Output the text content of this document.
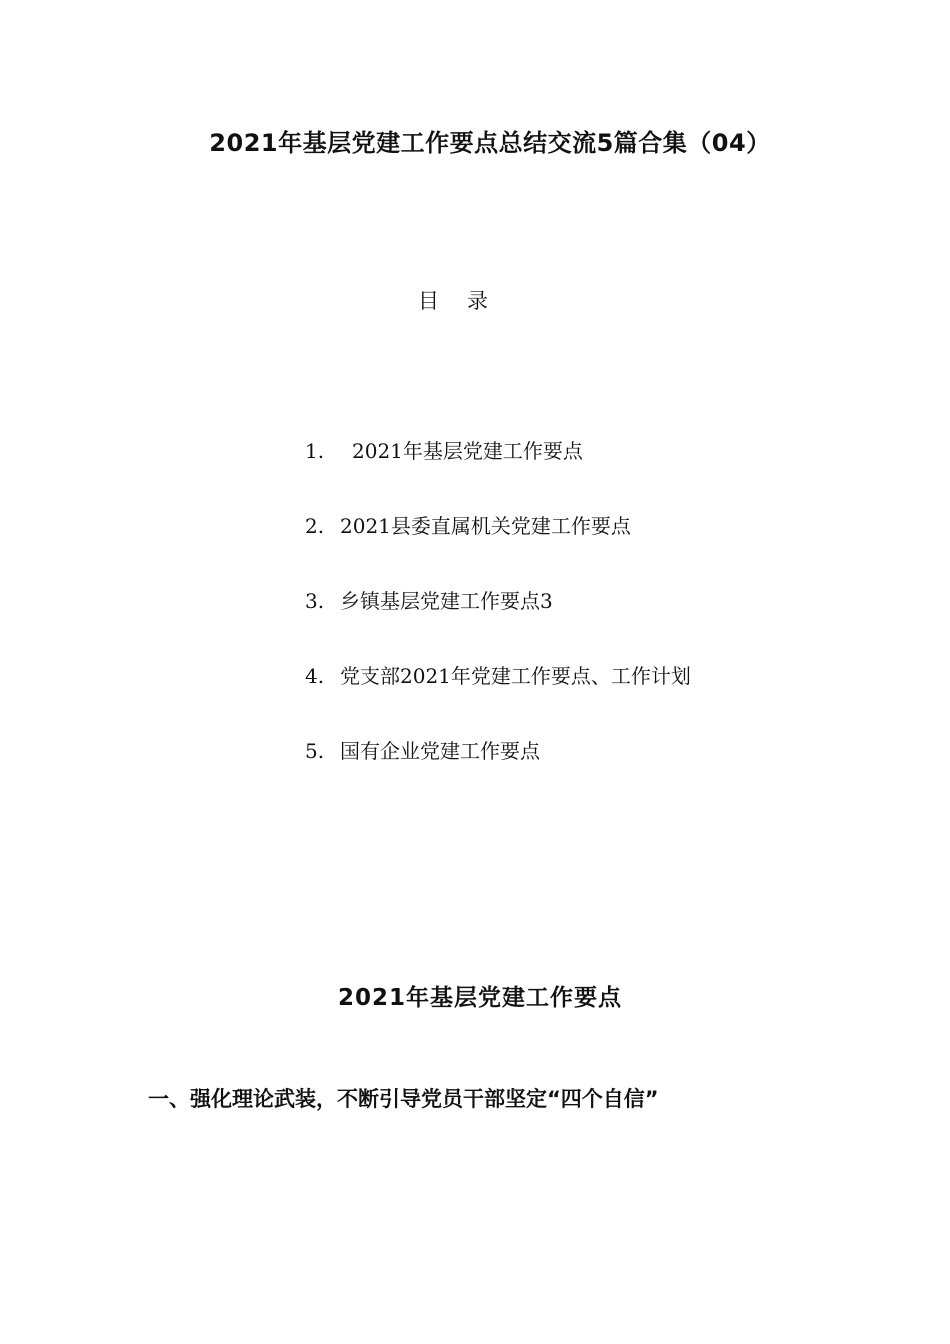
2021年基层党建工作要点总结交流5篇合集（04）
目录
1.	2021年基层党建工作要点
2. 2021县委直属机关党建工作要点
3. 乡镇基层党建工作要点3
4. 党支部2021年党建工作要点、工作计划
5. 国有企业党建工作要点
2021年基层党建工作要点
一、强化理论武装，不断引导党员干部坚定“四个自信”
